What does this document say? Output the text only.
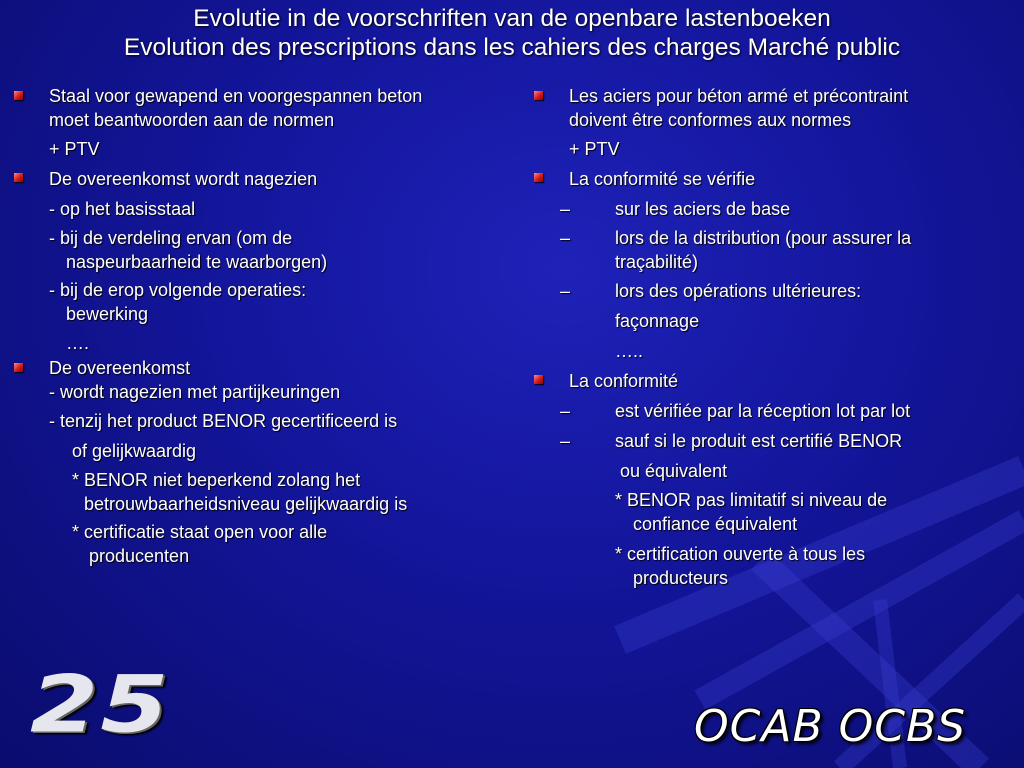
Evolutie in de voorschriften van de openbare lastenboeken
Evolution des prescriptions dans les cahiers des charges Marché public
Staal voor gewapend en voorgespannen beton
moet beantwoorden aan de normen
+ PTV
De overeenkomst wordt nagezien
- op het basisstaal
- bij de verdeling ervan (om de
naspeurbaarheid te waarborgen)
- bij de erop volgende operaties:
bewerking
….
De overeenkomst
- wordt nagezien met partijkeuringen
- tenzij het product BENOR gecertificeerd is
of gelijkwaardig
* BENOR niet beperkend zolang het
betrouwbaarheidsniveau gelijkwaardig is
* certificatie staat open voor alle
producenten
Les aciers pour béton armé et précontraint
doivent être conformes aux normes
+ PTV
La conformité se vérifie
– sur les aciers de base
– lors de la distribution (pour assurer la
traçabilité)
– lors des opérations ultérieures:
façonnage
…..
La conformité
– est vérifiée par la réception lot par lot
– sauf si le produit est certifié BENOR
ou équivalent
* BENOR pas limitatif si niveau de
confiance équivalent
* certification ouverte à tous les
producteurs
25	OCAB OCBS
